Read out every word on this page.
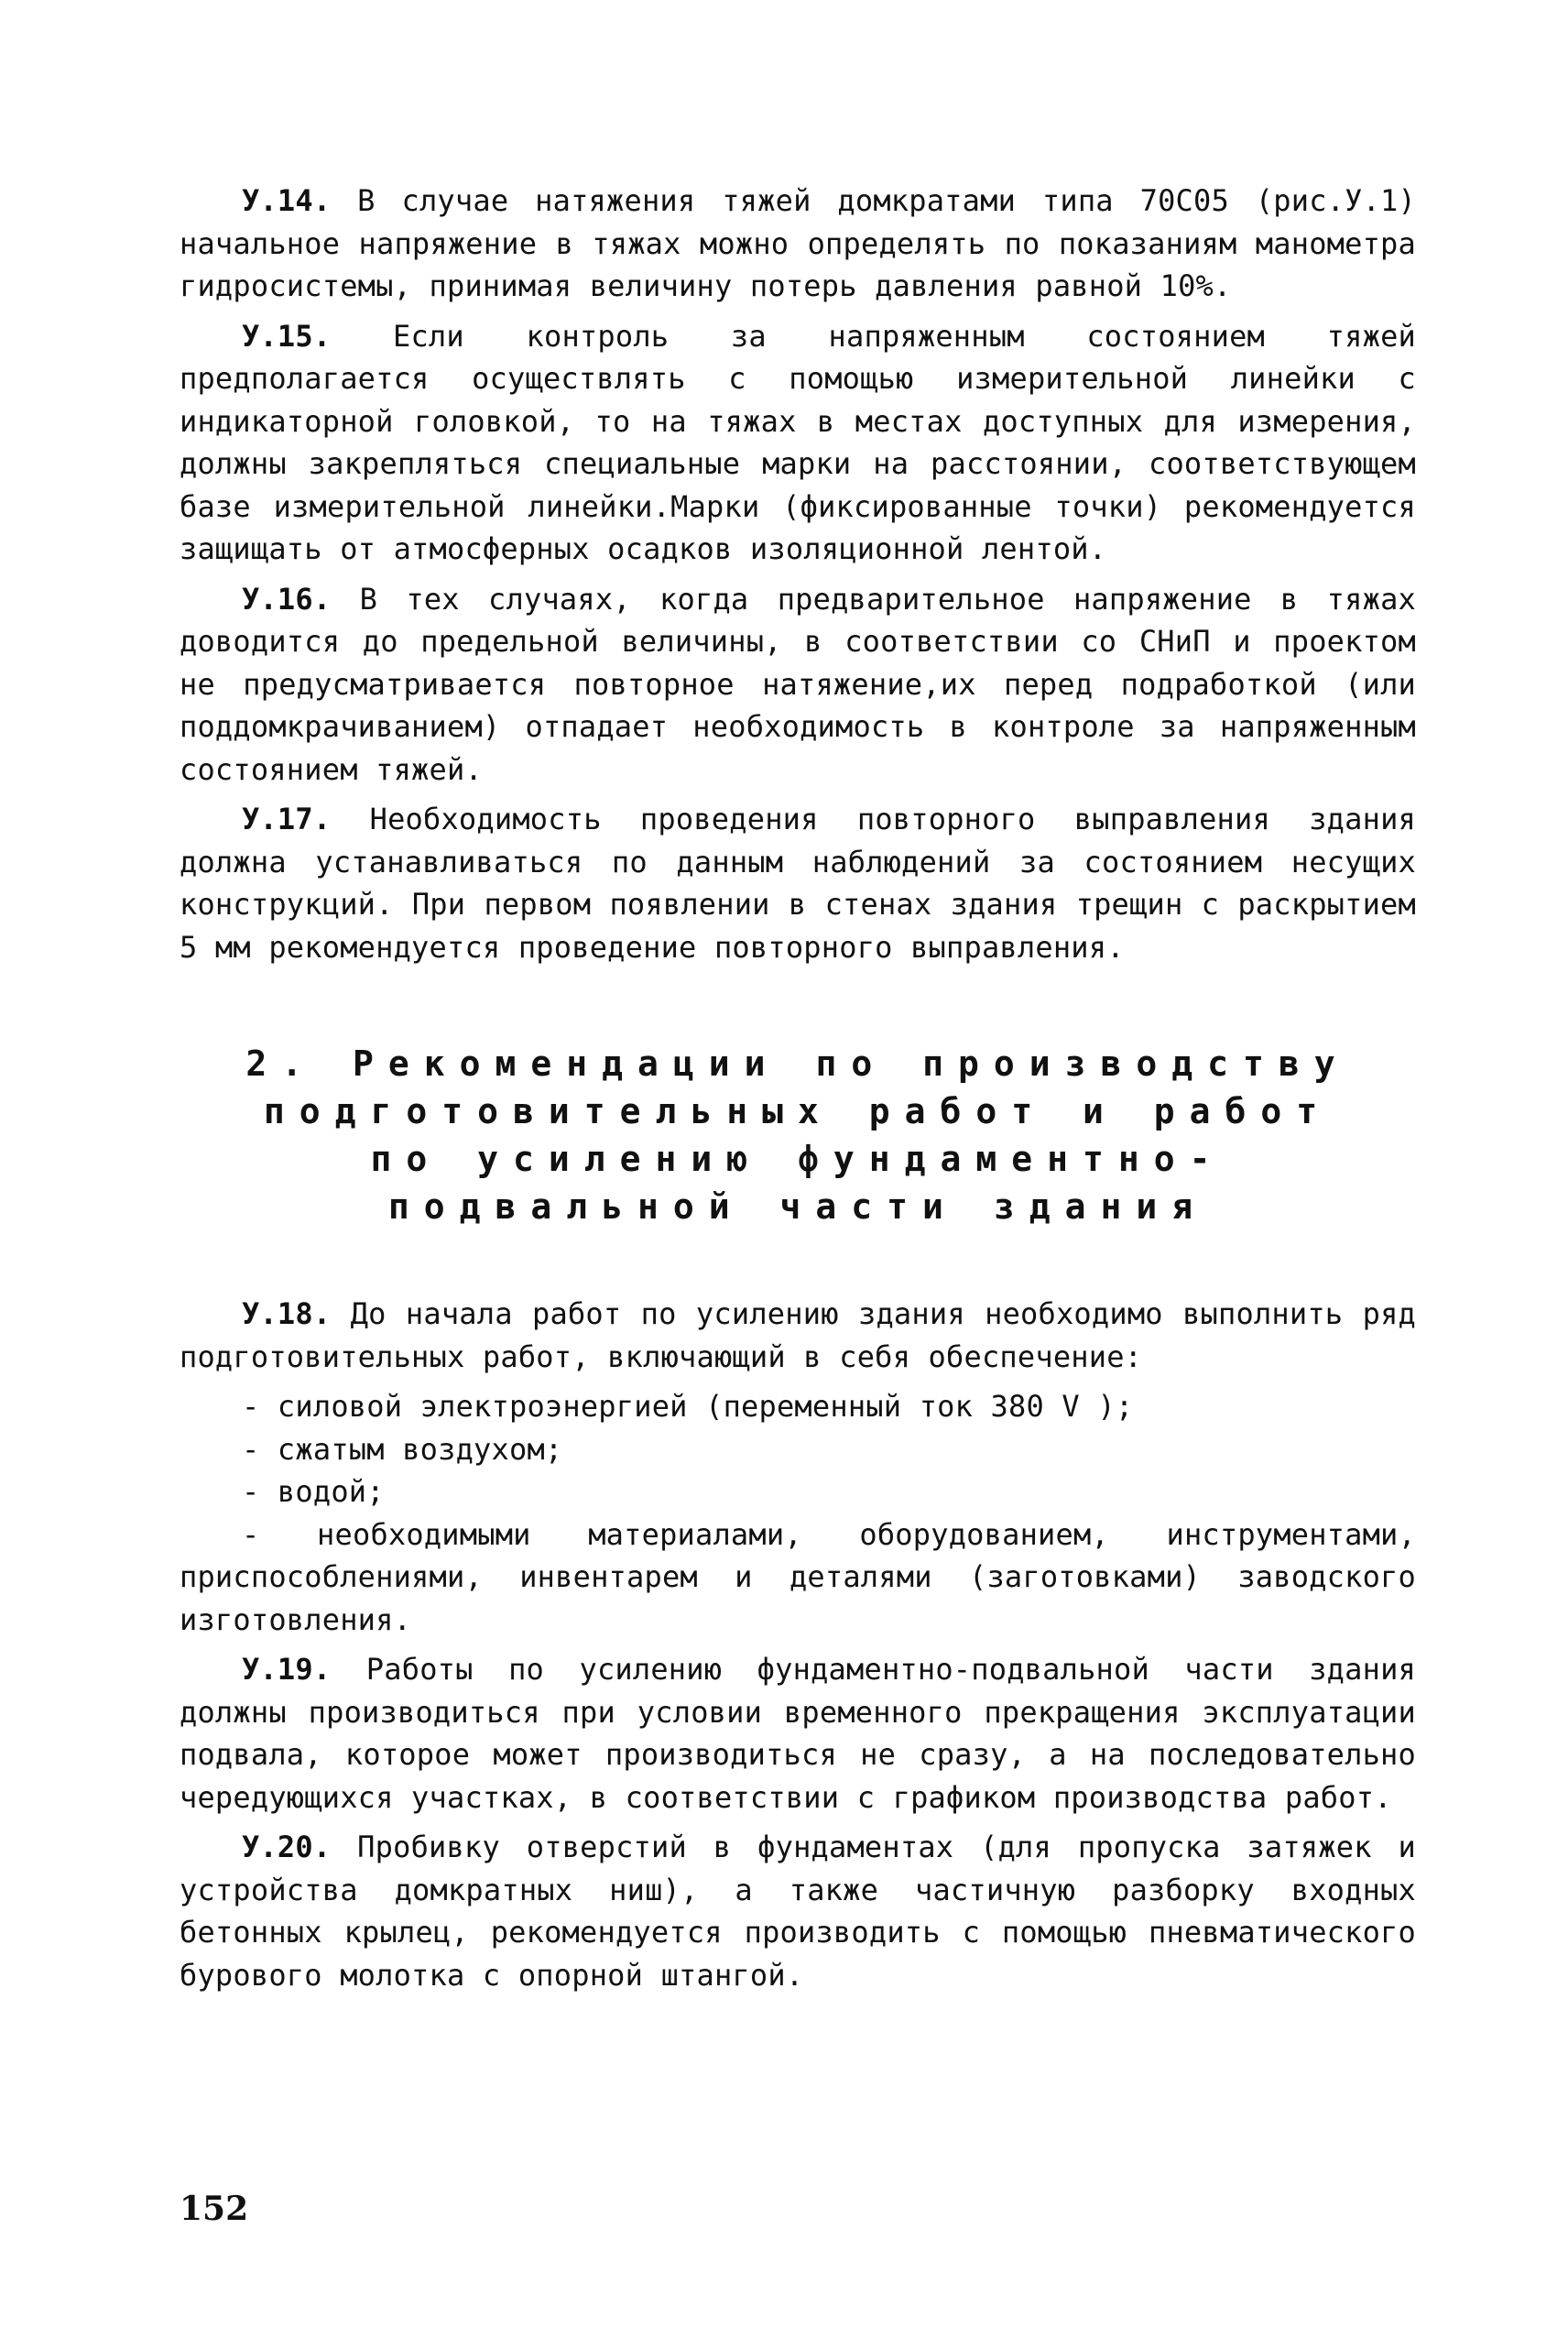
У.14. В случае натяжения тяжей домкратами типа 70С05 (рис.У.1) начальное напряжение в тяжах можно определять по показаниям манометра гидросистемы, принимая величину потерь давления равной 10%.

У.15. Если контроль за напряженным состоянием тяжей предполагается осуществлять с помощью измерительной линейки с индикаторной головкой, то на тяжах в местах доступных для измерения, должны закрепляться специальные марки на расстоянии, соответствующем базе измерительной линейки.Марки (фиксированные точки) рекомендуется защищать от атмосферных осадков изоляционной лентой.

У.16. В тех случаях, когда предварительное напряжение в тяжах доводится до предельной величины, в соответствии со СНиП и проектом не предусматривается повторное натяжение,их перед подработкой (или поддомкрачиванием) отпадает необходимость в контроле за напряженным состоянием тяжей.

У.17. Необходимость проведения повторного выправления здания должна устанавливаться по данным наблюдений за состоянием несущих конструкций. При первом появлении в стенах здания трещин с раскрытием 5 мм рекомендуется проведение повторного выправления.

2. Рекомендации по производству
подготовительных работ и работ
по усилению фундаментно-
подвальной части здания

У.18. До начала работ по усилению здания необходимо выполнить ряд подготовительных работ, включающий в себя обеспечение:

- силовой электроэнергией (переменный ток 380 V );
- сжатым воздухом;
- водой;
- необходимыми материалами, оборудованием, инструментами, приспособлениями, инвентарем и деталями (заготовками) заводского изготовления.

У.19. Работы по усилению фундаментно-подвальной части здания должны производиться при условии временного прекращения эксплуатации подвала, которое может производиться не сразу, а на последовательно чередующихся участках, в соответствии с графиком производства работ.

У.20. Пробивку отверстий в фундаментах (для пропуска затяжек и устройства домкратных ниш), а также частичную разборку входных бетонных крылец, рекомендуется производить с помощью пневматического бурового молотка с опорной штангой.

152
